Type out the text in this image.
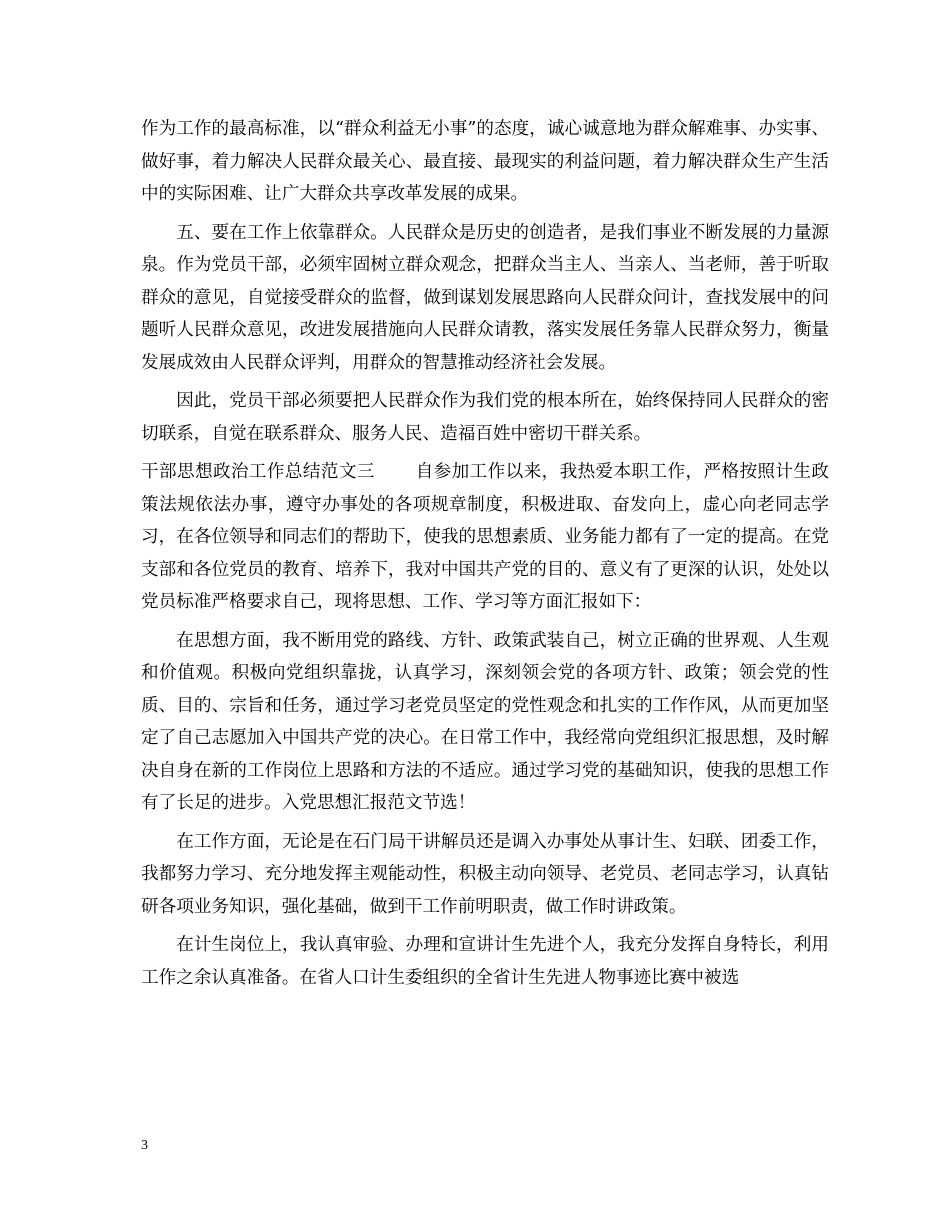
作为工作的最高标准，以“群众利益无小事”的态度，诚心诚意地为群众解难事、办实事、做好事，着力解决人民群众最关心、最直接、最现实的利益问题，着力解决群众生产生活中的实际困难、让广大群众共享改革发展的成果。

五、要在工作上依靠群众。人民群众是历史的创造者，是我们事业不断发展的力量源泉。作为党员干部，必须牢固树立群众观念，把群众当主人、当亲人、当老师，善于听取群众的意见，自觉接受群众的监督，做到谋划发展思路向人民群众问计，查找发展中的问题听人民群众意见，改进发展措施向人民群众请教，落实发展任务靠人民群众努力，衡量发展成效由人民群众评判，用群众的智慧推动经济社会发展。

因此，党员干部必须要把人民群众作为我们党的根本所在，始终保持同人民群众的密切联系，自觉在联系群众、服务人民、造福百姓中密切干群关系。

干部思想政治工作总结范文三 自参加工作以来，我热爱本职工作，严格按照计生政策法规依法办事，遵守办事处的各项规章制度，积极进取、奋发向上，虚心向老同志学习，在各位领导和同志们的帮助下，使我的思想素质、业务能力都有了一定的提高。在党支部和各位党员的教育、培养下，我对中国共产党的目的、意义有了更深的认识，处处以党员标准严格要求自己，现将思想、工作、学习等方面汇报如下：

在思想方面，我不断用党的路线、方针、政策武装自己，树立正确的世界观、人生观和价值观。积极向党组织靠拢，认真学习，深刻领会党的各项方针、政策；领会党的性质、目的、宗旨和任务，通过学习老党员坚定的党性观念和扎实的工作作风，从而更加坚定了自己志愿加入中国共产党的决心。在日常工作中，我经常向党组织汇报思想，及时解决自身在新的工作岗位上思路和方法的不适应。通过学习党的基础知识，使我的思想工作有了长足的进步。入党思想汇报范文节选！

在工作方面，无论是在石门局干讲解员还是调入办事处从事计生、妇联、团委工作，我都努力学习、充分地发挥主观能动性，积极主动向领导、老党员、老同志学习，认真钻研各项业务知识，强化基础，做到干工作前明职责，做工作时讲政策。

在计生岗位上，我认真审验、办理和宣讲计生先进个人，我充分发挥自身特长，利用工作之余认真准备。在省人口计生委组织的全省计生先进人物事迹比赛中被选

3
